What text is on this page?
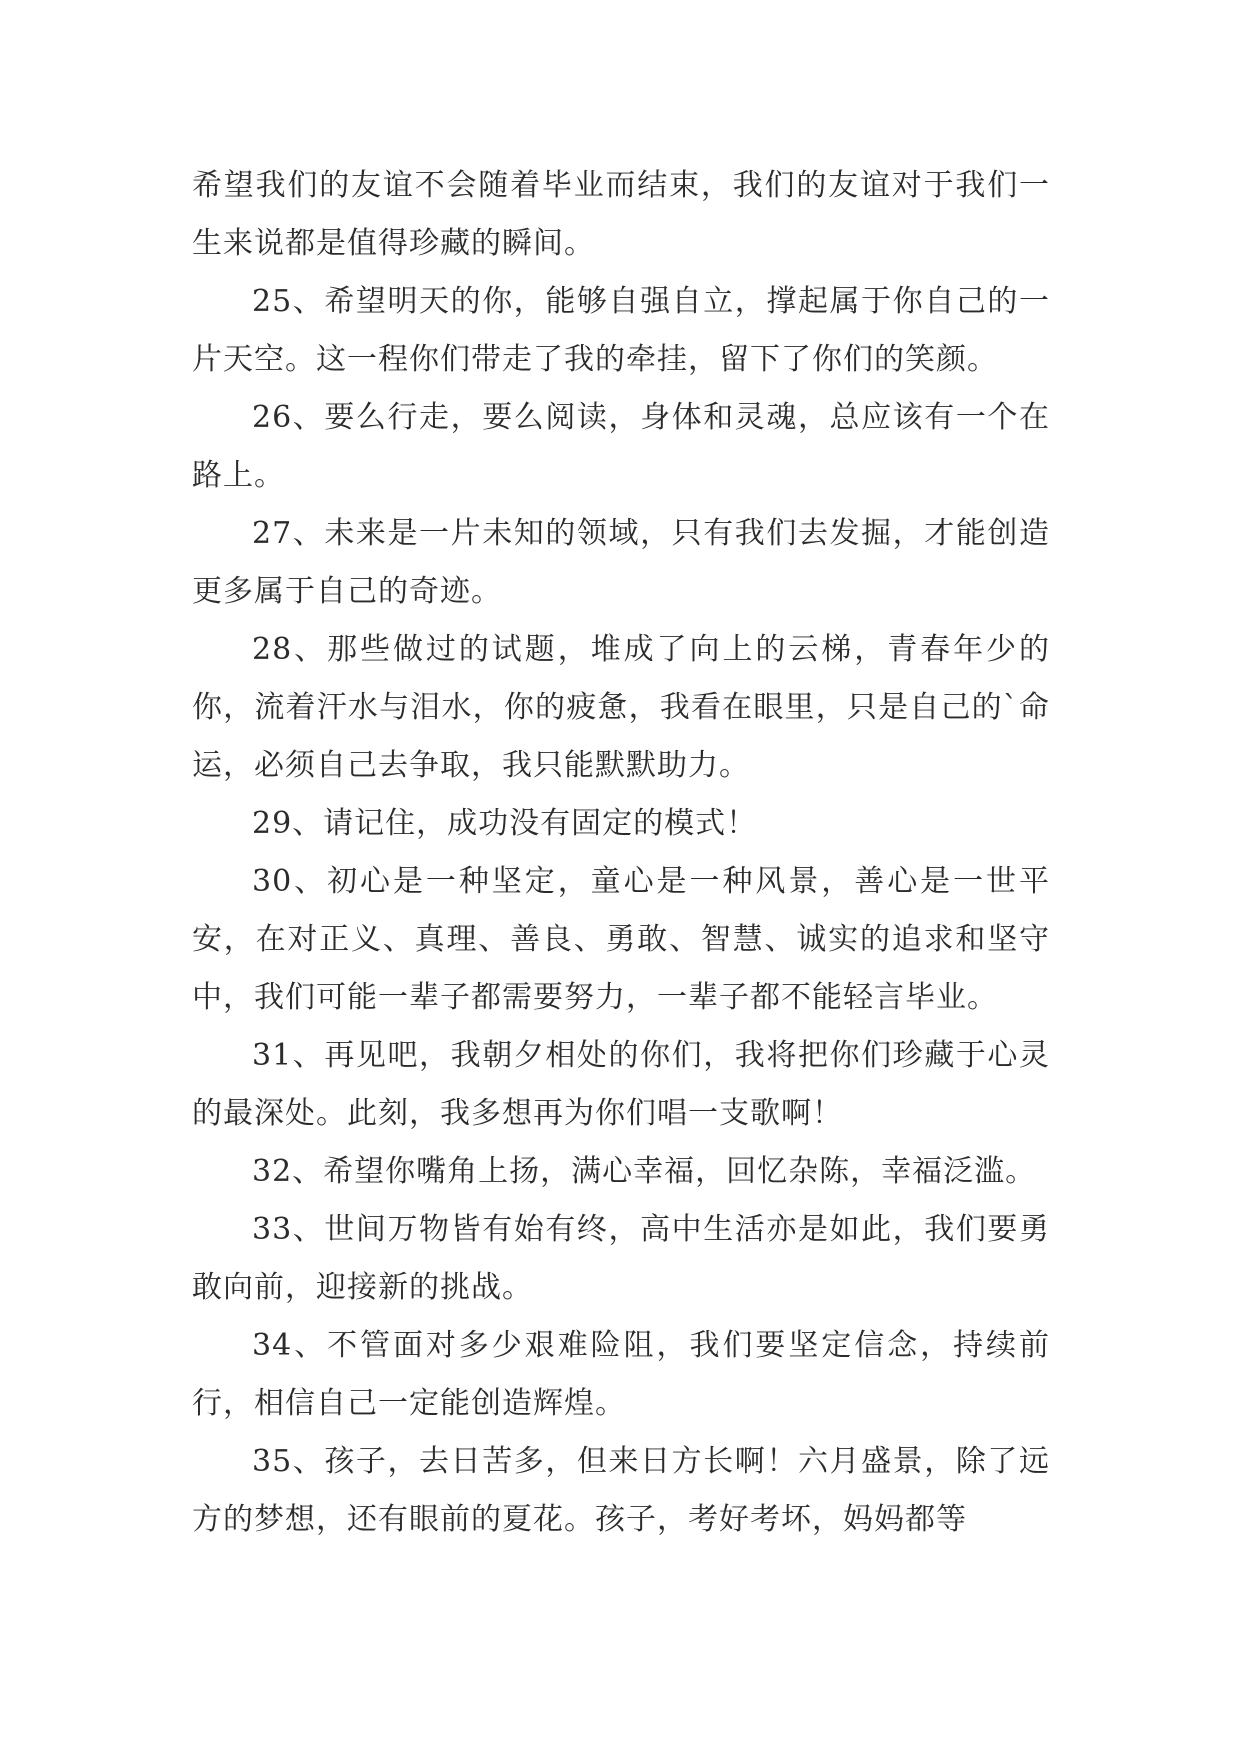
希望我们的友谊不会随着毕业而结束，我们的友谊对于我们一生来说都是值得珍藏的瞬间。

25、希望明天的你，能够自强自立，撑起属于你自己的一片天空。这一程你们带走了我的牵挂，留下了你们的笑颜。

26、要么行走，要么阅读，身体和灵魂，总应该有一个在路上。

27、未来是一片未知的领域，只有我们去发掘，才能创造更多属于自己的奇迹。

28、那些做过的试题，堆成了向上的云梯，青春年少的你，流着汗水与泪水，你的疲惫，我看在眼里，只是自己的`命运，必须自己去争取，我只能默默助力。

29、请记住，成功没有固定的模式！

30、初心是一种坚定，童心是一种风景，善心是一世平安，在对正义、真理、善良、勇敢、智慧、诚实的追求和坚守中，我们可能一辈子都需要努力，一辈子都不能轻言毕业。

31、再见吧，我朝夕相处的你们，我将把你们珍藏于心灵的最深处。此刻，我多想再为你们唱一支歌啊！

32、希望你嘴角上扬，满心幸福，回忆杂陈，幸福泛滥。

33、世间万物皆有始有终，高中生活亦是如此，我们要勇敢向前，迎接新的挑战。

34、不管面对多少艰难险阻，我们要坚定信念，持续前行，相信自己一定能创造辉煌。

35、孩子，去日苦多，但来日方长啊！六月盛景，除了远方的梦想，还有眼前的夏花。孩子，考好考坏，妈妈都等
